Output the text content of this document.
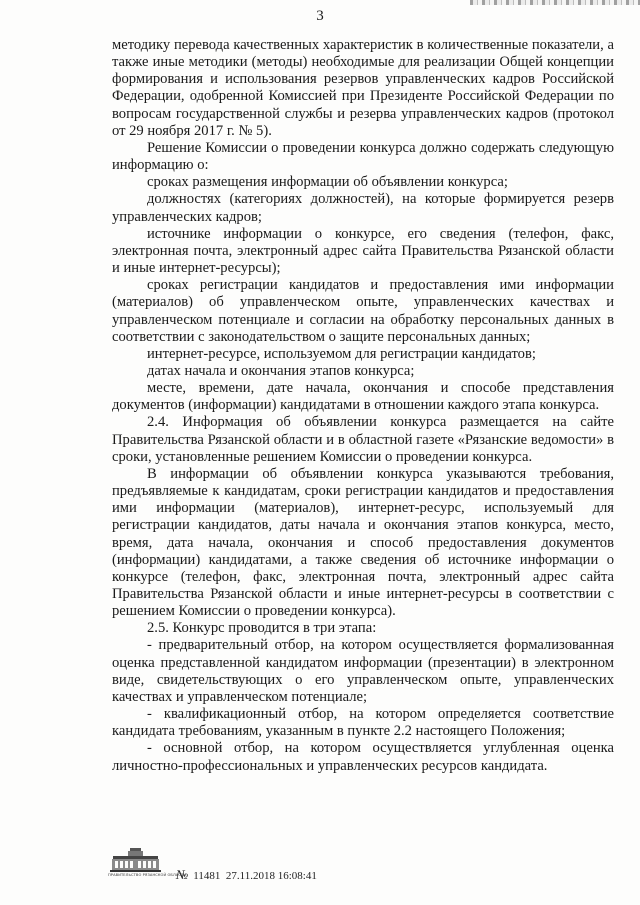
3

методику перевода качественных характеристик в количественные показатели, а также иные методики (методы) необходимые для реализации Общей концепции формирования и использования резервов управленческих кадров Российской Федерации, одобренной Комиссией при Президенте Российской Федерации по вопросам государственной службы и резерва управленческих кадров (протокол от 29 ноября 2017 г. № 5).

Решение Комиссии о проведении конкурса должно содержать следующую информацию о:

сроках размещения информации об объявлении конкурса;

должностях (категориях должностей), на которые формируется резерв управленческих кадров;

источнике информации о конкурсе, его сведения (телефон, факс, электронная почта, электронный адрес сайта Правительства Рязанской области и иные интернет-ресурсы);

сроках регистрации кандидатов и предоставления ими информации (материалов) об управленческом опыте, управленческих качествах и управленческом потенциале и согласии на обработку персональных данных в соответствии с законодательством о защите персональных данных;

интернет-ресурсе, используемом для регистрации кандидатов;

датах начала и окончания этапов конкурса;

месте, времени, дате начала, окончания и способе представления документов (информации) кандидатами в отношении каждого этапа конкурса.

2.4. Информация об объявлении конкурса размещается на сайте Правительства Рязанской области и в областной газете «Рязанские ведомости» в сроки, установленные решением Комиссии о проведении конкурса.

В информации об объявлении конкурса указываются требования, предъявляемые к кандидатам, сроки регистрации кандидатов и предоставления ими информации (материалов), интернет-ресурс, используемый для регистрации кандидатов, даты начала и окончания этапов конкурса, место, время, дата начала, окончания и способ предоставления документов (информации) кандидатами, а также сведения об источнике информации о конкурсе (телефон, факс, электронная почта, электронный адрес сайта Правительства Рязанской области и иные интернет-ресурсы в соответствии с решением Комиссии о проведении конкурса).

2.5. Конкурс проводится в три этапа:

- предварительный отбор, на котором осуществляется формализованная оценка представленной кандидатом информации (презентации) в электронном виде, свидетельствующих о его управленческом опыте, управленческих качествах и управленческом потенциале;

- квалификационный отбор, на котором определяется соответствие кандидата требованиям, указанным в пункте 2.2 настоящего Положения;

- основной отбор, на котором осуществляется углубленная оценка личностно-профессиональных и управленческих ресурсов кандидата.

ПРАВИТЕЛЬСТВО РЯЗАНСКОЙ ОБЛАСТИ
№ 11481 27.11.2018 16:08:41
